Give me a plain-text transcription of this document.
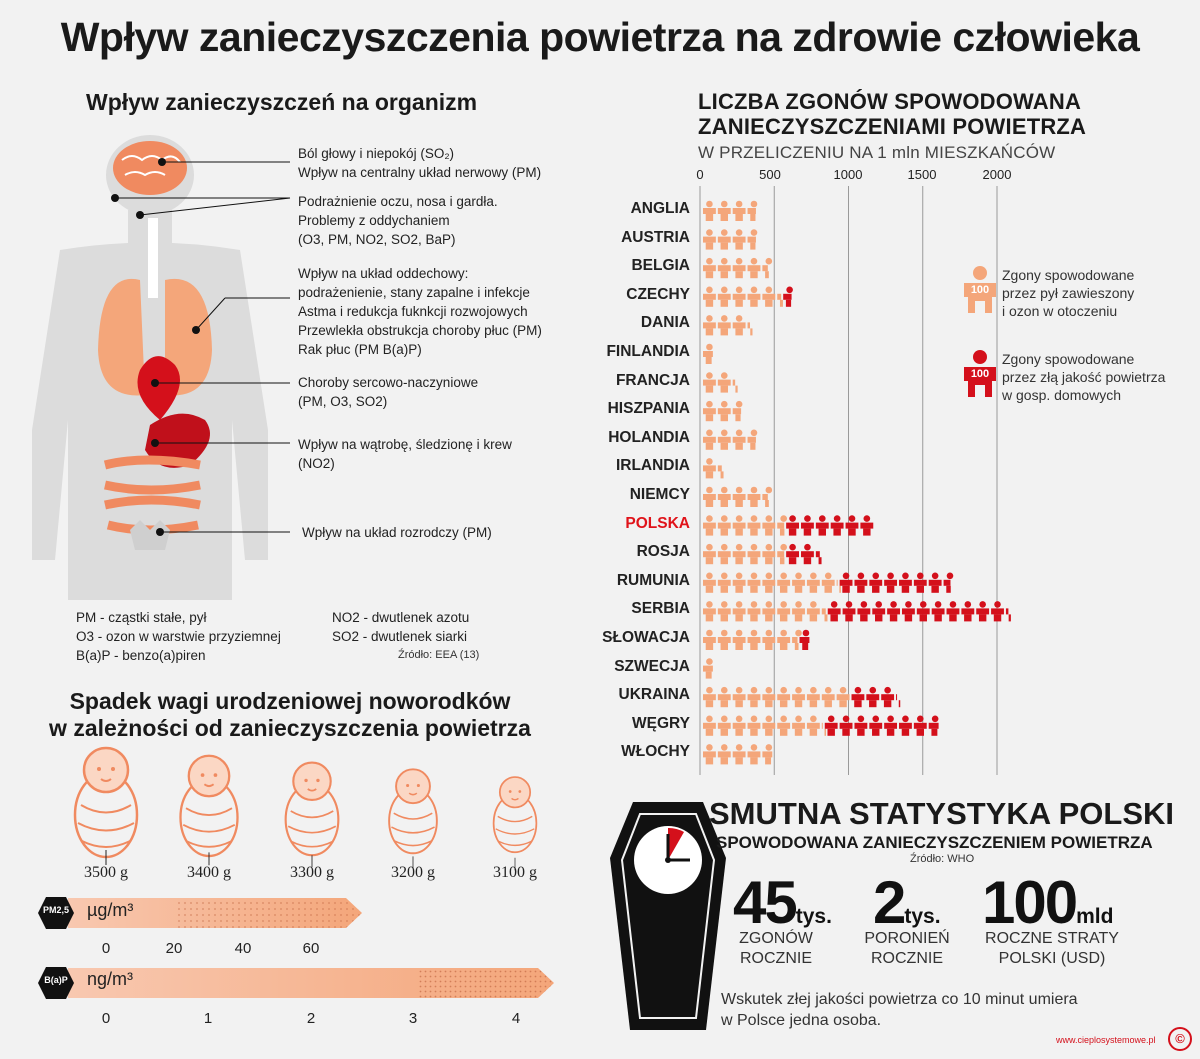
Wpływ zanieczyszczenia powietrza na zdrowie człowieka
Wpływ zanieczyszczeń na organizm
Ból głowy i niepokój (SO₂)
Wpływ na centralny układ nerwowy (PM)
Podrażnienie oczu, nosa i gardła.
Problemy z oddychaniem
(O3, PM, NO2, SO2, BaP)
Wpływ na układ oddechowy:
podrażenienie, stany zapalne i infekcje
Astma i redukcja fuknkcji rozwojowych
Przewlekła obstrukcja choroby płuc (PM)
Rak płuc (PM B(a)P)
Choroby sercowo-naczyniowe
(PM, O3, SO2)
Wpływ na wątrobę, śledzionę i krew
(NO2)
Wpływ na układ rozrodczy (PM)
PM - cząstki stałe, pył
O3 - ozon w warstwie przyziemnej
B(a)P - benzo(a)piren
NO2 - dwutlenek azotu
SO2 - dwutlenek siarki
Źródło: EEA (13)
Spadek wagi urodzeniowej noworodków
w zależności od zanieczyszczenia powietrza
3500 g	3400 g	3300 g	3200 g	3100 g
PM2,5 µg/m³
0	20	40	60
B(a)P ng/m³
0	1	2	3	4
LICZBA ZGONÓW SPOWODOWANA ZANIECZYSZCZENIAMI POWIETRZA
W PRZELICZENIU NA 1 mln MIESZKAŃCÓW
0	500	1000	1500	2000
ANGLIA
AUSTRIA
BELGIA
CZECHY
DANIA
FINLANDIA
FRANCJA
HISZPANIA
HOLANDIA
IRLANDIA
NIEMCY
POLSKA
ROSJA
RUMUNIA
SERBIA
SŁOWACJA
SZWECJA
UKRAINA
WĘGRY
WŁOCHY
100
100
Zgony spowodowane
przez pył zawieszony
i ozon w otoczeniu
Zgony spowodowane
przez złą jakość powietrza
w gosp. domowych
SMUTNA STATYSTYKA POLSKI
SPOWODOWANA ZANIECZYSZCZENIEM POWIETRZA
Źródło: WHO
45tys. 2tys. 100mld
ZGONÓW
ROCZNIE
PORONIEŃ
ROCZNIE
ROCZNE STRATY
POLSKI (USD)
Wskutek złej jakości powietrza co 10 minut umiera
w Polsce jedna osoba.
www.cieplosystemowe.pl	©
